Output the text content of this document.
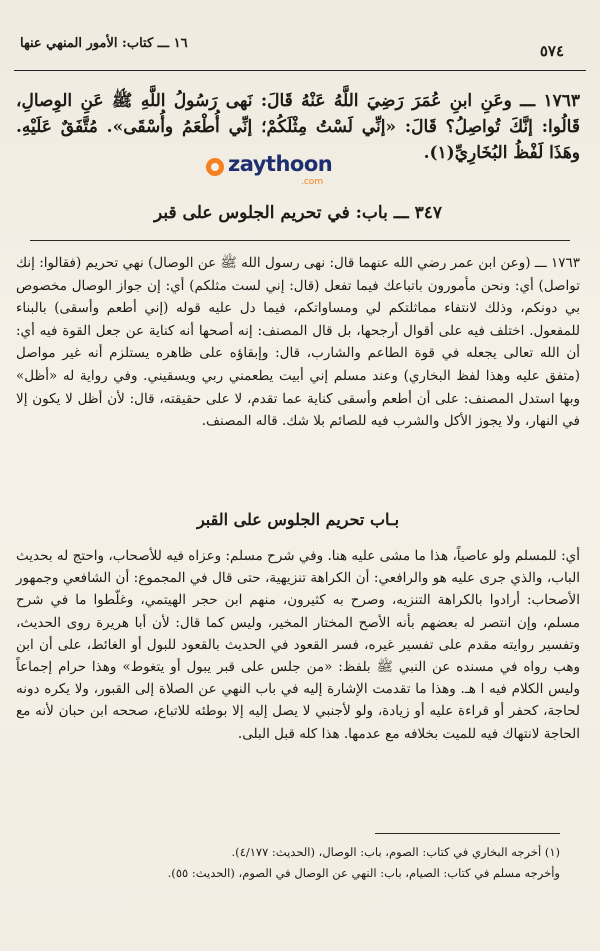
١٦ ـــ كتاب: الأمور المنهي عنها	٥٧٤
١٧٦٣ ـــ وعَنِ ابنِ عُمَرَ رَضِيَ اللَّهُ عَنْهُ قَالَ: نَهى رَسُولُ اللَّهِ ﷺ عَنِ الوِصالِ، قَالُوا: إنَّكَ تُواصِلُ؟ قَالَ: «إنِّي لَسْتُ مِثْلَكُمْ؛ إنِّي أُطْعَمُ وأُسْقَى». مُتَّفَقٌ عَلَيْهِ. وهَذَا لَفْظُ البُخَارِيِّ(١).
zaythoon
.com
٣٤٧ ـــ باب: في تحريم الجلوس على قبر
١٧٦٣ ـــ (وعن ابن عمر رضي الله عنهما قال: نهى رسول الله ﷺ عن الوصال) نهي تحريم (فقالوا: إنك تواصل) أي: ونحن مأمورون باتباعك فيما تفعل (قال: إني لست مثلكم) أي: إن جواز الوصال مخصوص بي دونكم، وذلك لانتفاء مماثلتكم لي ومساواتكم، فيما دل عليه قوله (إني أطعم وأسقى) بالبناء للمفعول. اختلف فيه على أقوال أرجحها، بل قال المصنف: إنه أصحها أنه كناية عن جعل القوة فيه أي: أن الله تعالى يجعله في قوة الطاعم والشارب، قال: وإبقاؤه على ظاهره يستلزم أنه غير مواصل (متفق عليه وهذا لفظ البخاري) وعند مسلم إني أبيت يطعمني ربي ويسقيني. وفي رواية له «أظل» وبها استدل المصنف: على أن أطعم وأسقى كناية عما تقدم، لا على حقيقته، قال: لأن أظل لا يكون إلا في النهار، ولا يجوز الأكل والشرب فيه للصائم بلا شك. قاله المصنف.
بـاب تحريم الجلوس على القبر
أي: للمسلم ولو عاصياً، هذا ما مشى عليه هنا. وفي شرح مسلم: وعزاه فيه للأصحاب، واحتج له بحديث الباب، والذي جرى عليه هو والرافعي: أن الكراهة تنزيهية، حتى قال في المجموع: أن الشافعي وجمهور الأصحاب: أرادوا بالكراهة التنزيه، وصرح به كثيرون، منهم ابن حجر الهيتمي، وغلّطوا ما في شرح مسلم، وإن انتصر له بعضهم بأنه الأصح المختار المخير، وليس كما قال: لأن أبا هريرة روى الحديث، وتفسير روايته مقدم على تفسير غيره، فسر القعود في الحديث بالقعود للبول أو الغائط، على أن ابن وهب رواه في مسنده عن النبي ﷺ بلفظ: «من جلس على قبر يبول أو يتغوط» وهذا حرام إجماعاً وليس الكلام فيه ا هـ. وهذا ما تقدمت الإشارة إليه في باب النهي عن الصلاة إلى القبور، ولا يكره دونه لحاجة، كحفر أو قراءة عليه أو زيادة، ولو لأجنبي لا يصل إليه إلا بوطئه للاتباع، صححه ابن حبان لأنه مع الحاجة لانتهاك فيه للميت بخلافه مع عدمها. هذا كله قبل البلى.
(١) أخرجه البخاري في كتاب: الصوم، باب: الوصال، (الحديث: ٤/١٧٧).
وأخرجه مسلم في كتاب: الصيام، باب: النهي عن الوصال في الصوم، (الحديث: ٥٥).
